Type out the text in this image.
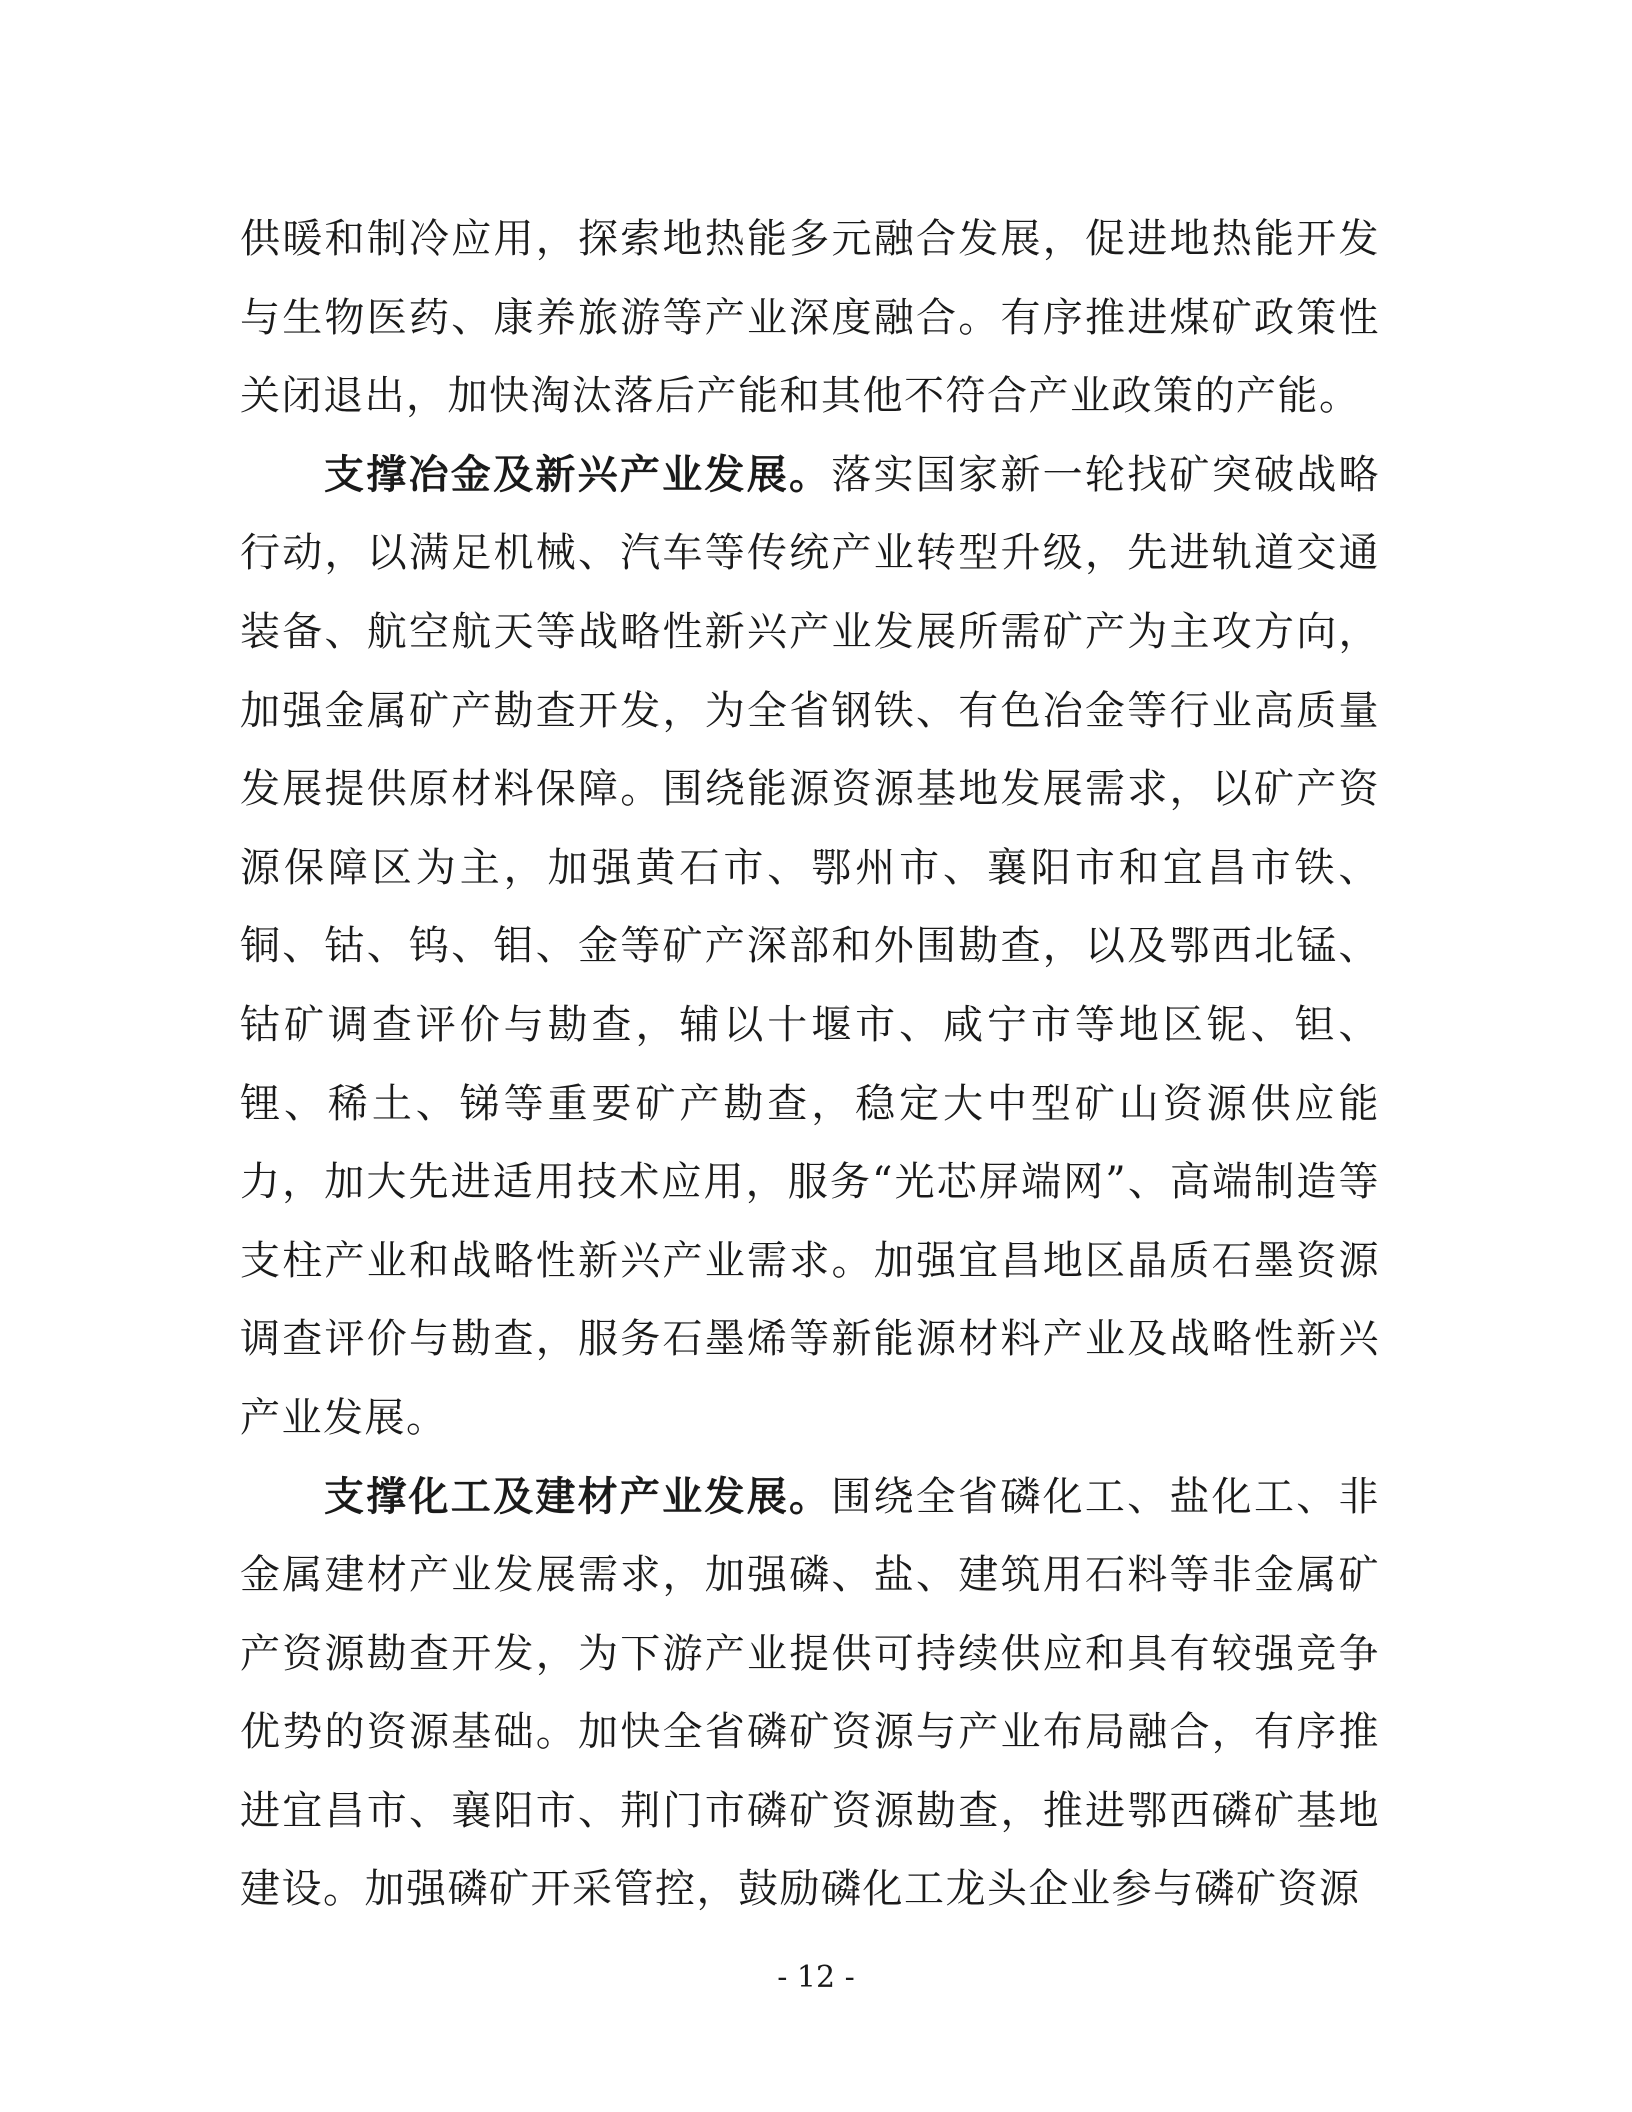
供暖和制冷应用，探索地热能多元融合发展，促进地热能开发与生物医药、康养旅游等产业深度融合。有序推进煤矿政策性关闭退出，加快淘汰落后产能和其他不符合产业政策的产能。

支撑冶金及新兴产业发展。落实国家新一轮找矿突破战略行动，以满足机械、汽车等传统产业转型升级，先进轨道交通装备、航空航天等战略性新兴产业发展所需矿产为主攻方向，加强金属矿产勘查开发，为全省钢铁、有色冶金等行业高质量发展提供原材料保障。围绕能源资源基地发展需求，以矿产资源保障区为主，加强黄石市、鄂州市、襄阳市和宜昌市铁、铜、钴、钨、钼、金等矿产深部和外围勘查，以及鄂西北锰、钴矿调查评价与勘查，辅以十堰市、咸宁市等地区铌、钽、锂、稀土、锑等重要矿产勘查，稳定大中型矿山资源供应能力，加大先进适用技术应用，服务“光芯屏端网”、高端制造等支柱产业和战略性新兴产业需求。加强宜昌地区晶质石墨资源调查评价与勘查，服务石墨烯等新能源材料产业及战略性新兴产业发展。

支撑化工及建材产业发展。围绕全省磷化工、盐化工、非金属建材产业发展需求，加强磷、盐、建筑用石料等非金属矿产资源勘查开发，为下游产业提供可持续供应和具有较强竞争优势的资源基础。加快全省磷矿资源与产业布局融合，有序推进宜昌市、襄阳市、荆门市磷矿资源勘查，推进鄂西磷矿基地建设。加强磷矿开采管控，鼓励磷化工龙头企业参与磷矿资源

- 12 -
